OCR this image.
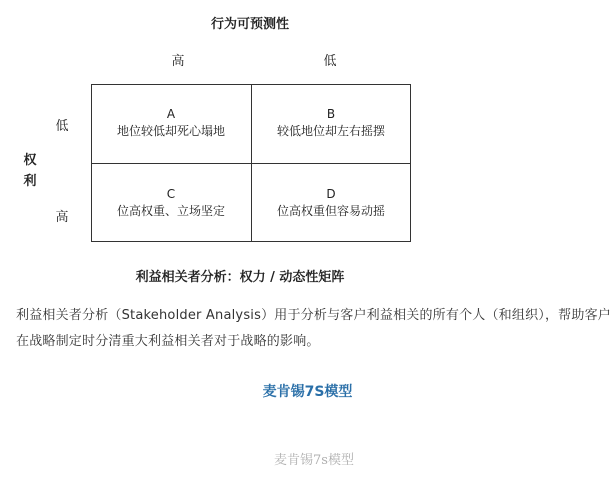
行为可预测性
高	低
权
利
低
高
A
地位较低却死心塌地
B
较低地位却左右摇摆
C
位高权重、立场坚定
D
位高权重但容易动摇
利益相关者分析：权力 / 动态性矩阵
利益相关者分析（Stakeholder Analysis）用于分析与客户利益相关的所有个人（和组织），帮助客户在战略制定时分清重大利益相关者对于战略的影响。
麦肯锡7S模型
麦肯锡7s模型
